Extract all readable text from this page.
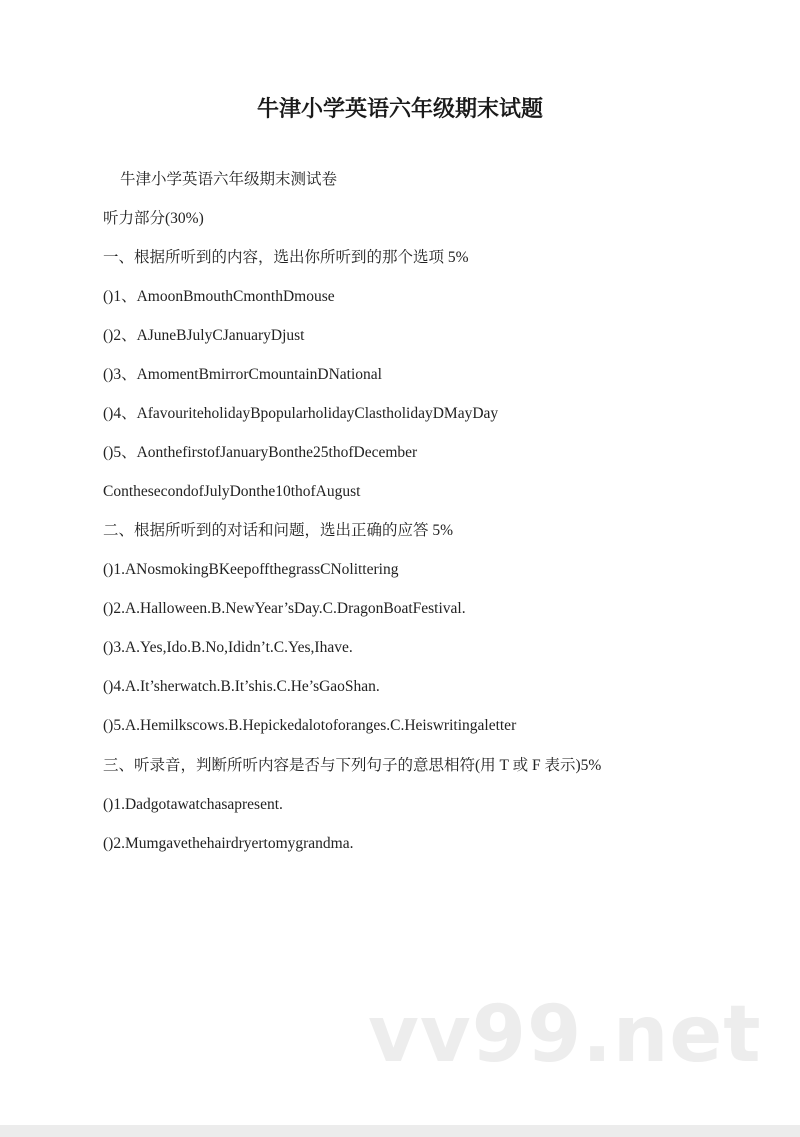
牛津小学英语六年级期末试题
牛津小学英语六年级期末测试卷
听力部分(30%)
一、根据所听到的内容，选出你所听到的那个选项 5%
()1、AmoonBmouthCmonthDmouse
()2、AJuneBJulyCJanuaryDjust
()3、AmomentBmirrorCmountainDNational
()4、AfavouriteholidayBpopularholidayClastholidayDMayDay
()5、AonthefirstofJanuaryBonthe25thofDecember
ConthesecondofJulyDonthe10thofAugust
二、根据所听到的对话和问题，选出正确的应答 5%
()1.ANosmokingBKeepoffthegrassCNolittering
()2.A.Halloween.B.NewYear’sDay.C.DragonBoatFestival.
()3.A.Yes,Ido.B.No,Ididn’t.C.Yes,Ihave.
()4.A.It’sherwatch.B.It’shis.C.He’sGaoShan.
()5.A.Hemilkscows.B.Hepickedalotoforanges.C.Heiswritingaletter
三、听录音，判断所听内容是否与下列句子的意思相符(用 T 或 F 表示)5%
()1.Dadgotawatchasapresent.
()2.Mumgavethehairdryertomygrandma.
vv99.net
